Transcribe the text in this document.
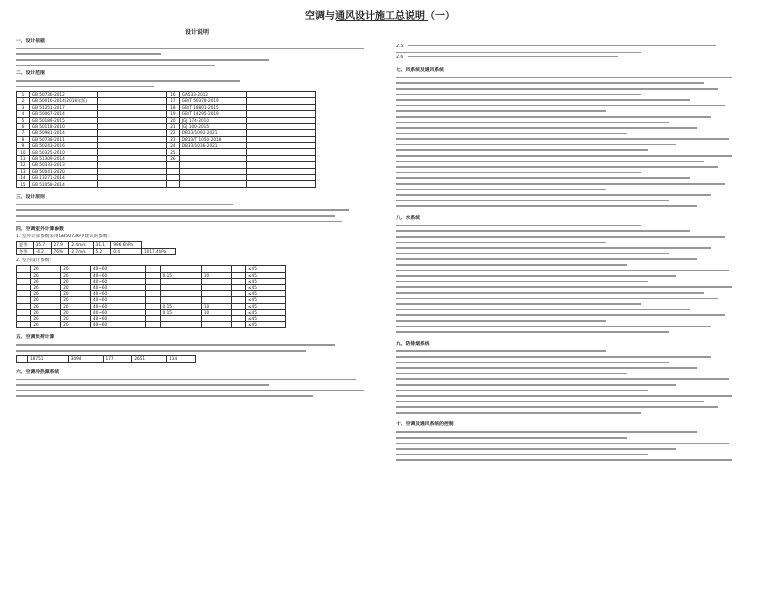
空调与通风设计施工总说明（一）
设计说明
一、设计依据
二、设计范围
1	GB 50736-2012		16	GA533-2012	
2	GB 50016-2014(2018年版)		17	GB/T 50378-2019	
3	GB 51251-2017		18	GB/T 18801-2015	
4	GB 50067-2014		19	GB/T 14295-2019	
5	GB 50189-2015		20	JGJ 174-2010	
6	GB 50118-2010		21	JGJ 100-2015	
7	GB 50981-2014		22	DB33/1092-2021	
8	GB 50738-2011		23	DB33/T 1050-2018	
9	GB 50243-2016		24	DB33/1036-2021	
10	GB 50325-2010		25		
11	GB 51309-2014		26		
12	GB 50333-2013				
13	GB 50041-2020				
14	GB 13271-2014				
15	GB 51058-2014				
三、设计原则
四、空调室外计算参数
1. 室外计算参数采用GB50736中建议的参数：
夏季	35.7	27.9	2.4m/s	31.1	996.6hPa	
冬季	-4.2	76%	2.7m/s	5.2	0.4	1017.4hPa
2. 室内设计参数：
	26	20	40~60					≤45
	26	20	40~60		0.15	10		≤45
	26	20	40~60					≤45
	26	20	40~60					≤45
	26	20	40~60					≤45
	26	20	40~60					≤45
	26	20	40~60		0.15	10		≤45
	26	20	40~60		0.15	10		≤45
	26	20	40~60					≤45
	26	20	40~60					≤45
五、空调负荷计算
	18751	3494	177	2651	134
六、空调冷热源系统
2.5
2.6
七、风系统及通风系统
八、水系统
九、防排烟系统
十、空调及通风系统的控制
